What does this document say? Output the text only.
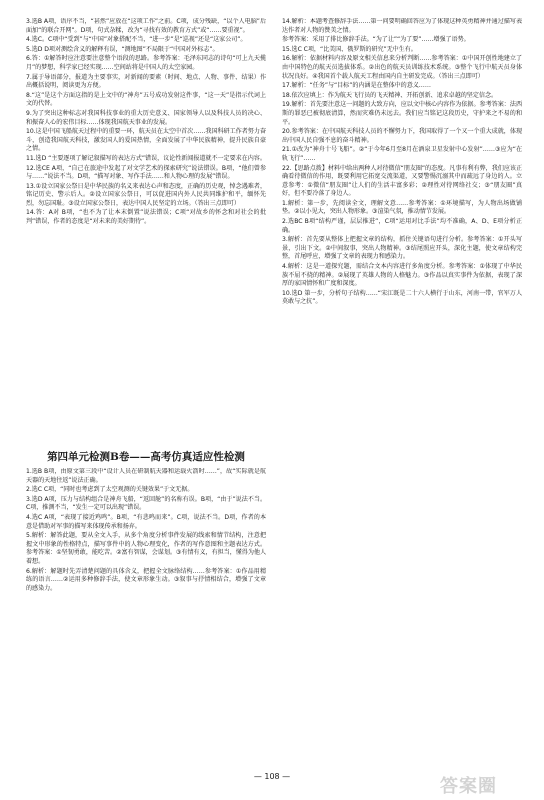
3.选B A项，语序不当，“甚然”应放在“这项工作”之前。C项，成分残缺，“以个人电脑”后面加“的联合开网”。D项，句式杂糅，改为“寻找有效的教育方式”或“……要重视”。

4.选C。C项中“受到”与“中国”对象搭配不当，“进一步”是“巡视”还是“这家公司”。

5.选D D项对测绘含义的解释有误，“测地图”不局限于“中国对外标志”。

6.答：①解答时应注意要注意整个语段的思路。参考答案：毛泽东同志的诗句“可上九天揽月”的梦想，科学家已经实现……空间站将是中国人的太空家园。

7.属于导语部分，报道为主要事实，对新闻的要素（时间、地点、人物、事件、结果）作出概括说明，阅读更为方便。

8.“这”是这个方面这指的是上文中的“神舟”五号成功发射这件事，“这一天”是指示代词上文的代替。

9.为了突出这种标志对我国科技事业的重大历史意义、国家领导人以及科技人员的决心、和振奋人心的宏伟目标……体现我国航天事业的发展。

10.这是中国飞船航天过程中的重要一环，航天员在太空中首次……我国科研工作者努力奋斗，创造我国航天科技，激发国人的爱国热情，全面发展了中华民族精神，提升民族自豪之情。

11.选D “主要逐项了解记叙描写的表达方式”错误，议论性新闻报道就不一定要求在内容。

12.选CE A项，“自己在旅途中发起了对文学艺术的探索研究”说法错误。B项，“他们曾参与……”说法不当。D项，“描写对象、写作手法……和人物心理的发展”错误。

13.①设立国家公祭日是中华民族的名义来表达心声和态度，正确的历史观，悼念遇难者，铭记历史、警示后人。②设立国家公祭日，可以促进国内外人民共同维护和平，缅怀先烈，勿忘国耻。③设立国家公祭日，表达中国人民坚定的立场。（答出三点即可）

14.答：A对 B项，“也不为了让本末倒置”说法错误；C项“对故乡的怀念和对社会的批判”错误，作者的态度是“对未来的美好期待”。

第四单元检测B卷——高考仿真适应性检测

1.选B B项，由原文第三段中“设计人员在研制航天器和运载火箭时……”，故“实际就是航天器的天地往返”说法正确。

2.选C C项，“同时也考虑到了太空观测的关键效果”于文无据。

3.选D A项，压力与结构组合是神舟飞船，“返回舱”的名称有误。B项，“由于”说法不当。C项，推测不当，“发生一定可以出现”错误。

4.选C A项，“表现了接近鸡鸣”。B项，“有悲鸣而来”。C项，说法不当。D项，作者的本意是借助对军事的描写来体现传承和扬弃。

5.解析：解答此题，要从全文入手，从多个角度分析事件发展的线索和情节结构，注意把握文中形象的性格特点，描写事件中的人物心理变化，作者的写作意图和主题表达方式。参考答案：①坚韧勇敢，能吃苦。②富有智谋，会谋划。③有情有义，有担当，懂得为他人着想。

6.解析：解题时先弄清楚问题的具体含义，把握全文脉络结构……参考答案：①作品用精练的语言……②运用多种修辞手法，使文章形象生动。③叙事与抒情相结合，增强了文章的感染力。

14.解析：本题考查修辞手法……第一问要明确回答应为了体现这种英勇精神并通过描写表达作者对人物的赞美之情。

参考答案：采用了排比修辞手法。“为了让”“为了要”……增强了语势。

15.选C C项，“比美国、俄罗斯的研究”无中生有。

16.解析：依据材料内容及原文相关信息来分析判断……参考答案：①中国开创性地建立了由中国特色的航天员选拔体系。②出色的航天员训练技术系统。③整个飞行中航天员身体状况良好。④我国首个载人航天工程由国内自主研发完成。（答出三点即可）

17.解析：“任务”与“目标”的内涵是在整体中的意义……

18.依次应填上：作为航天飞行员的飞天精神、开拓创新、追求卓越的坚定信念。

19.解析：首先要注意这一问题的大致方向，应以文中核心内容作为依据。参考答案：法西斯的罪恶已被彻底清算，然而灾难仍未远去。我们应当铭记这段历史，守护来之不易的和平。

20.参考答案：在中国航天科技人员的不懈努力下，我国取得了一个又一个重大成就，体现出中国人民自强不息的奋斗精神。

21.①改为“神舟十号飞船”。②“于今年6月至8月在酒泉卫星发射中心发射”……③应为“在轨飞行”……

22.【思路点拨】材料中给出两种人对待微信“朋友圈”的态度。凡事有利有弊，我们应该正确看待微信的作用，既要利用它拓宽交流渠道，又要警惕沉溺其中而疏远了身边的人。立意参考：①微信“朋友圈”让人们的生活丰富多彩；②理性对待网络社交；③“朋友圈”真好，但不要冷落了身边人。

1.解析：第一步，先阅读全文，理解文意……参考答案：①环境描写，为人物出场做铺垫。②以小见大，突出人物形象。③渲染气氛，推动情节发展。

2.选BC B项“结构严谨，层层推进”，C项“运用对比手法”均不准确，A、D、E项分析正确。

3.解析：首先要从整体上把握文章的结构，抓住关键语句进行分析。参考答案：①开头写景，引出下文。②中间叙事，突出人物精神。③结尾照应开头，深化主题，使文章结构完整，首尾呼应，增强了文章的表现力和感染力。

4.解析：这是一道探究题，需结合文本内容进行多角度分析。参考答案：①体现了中华民族不屈不挠的精神。②展现了英雄人物的人格魅力。③作品以真实事件为依据，表现了深厚的家国情怀和广度和深度。

10.选D 第一步，分析句子结构……“宋江既是二十六人横行于山东，河南一带，官军万人莫敢与之抗”。

— 108 —	答案圈
